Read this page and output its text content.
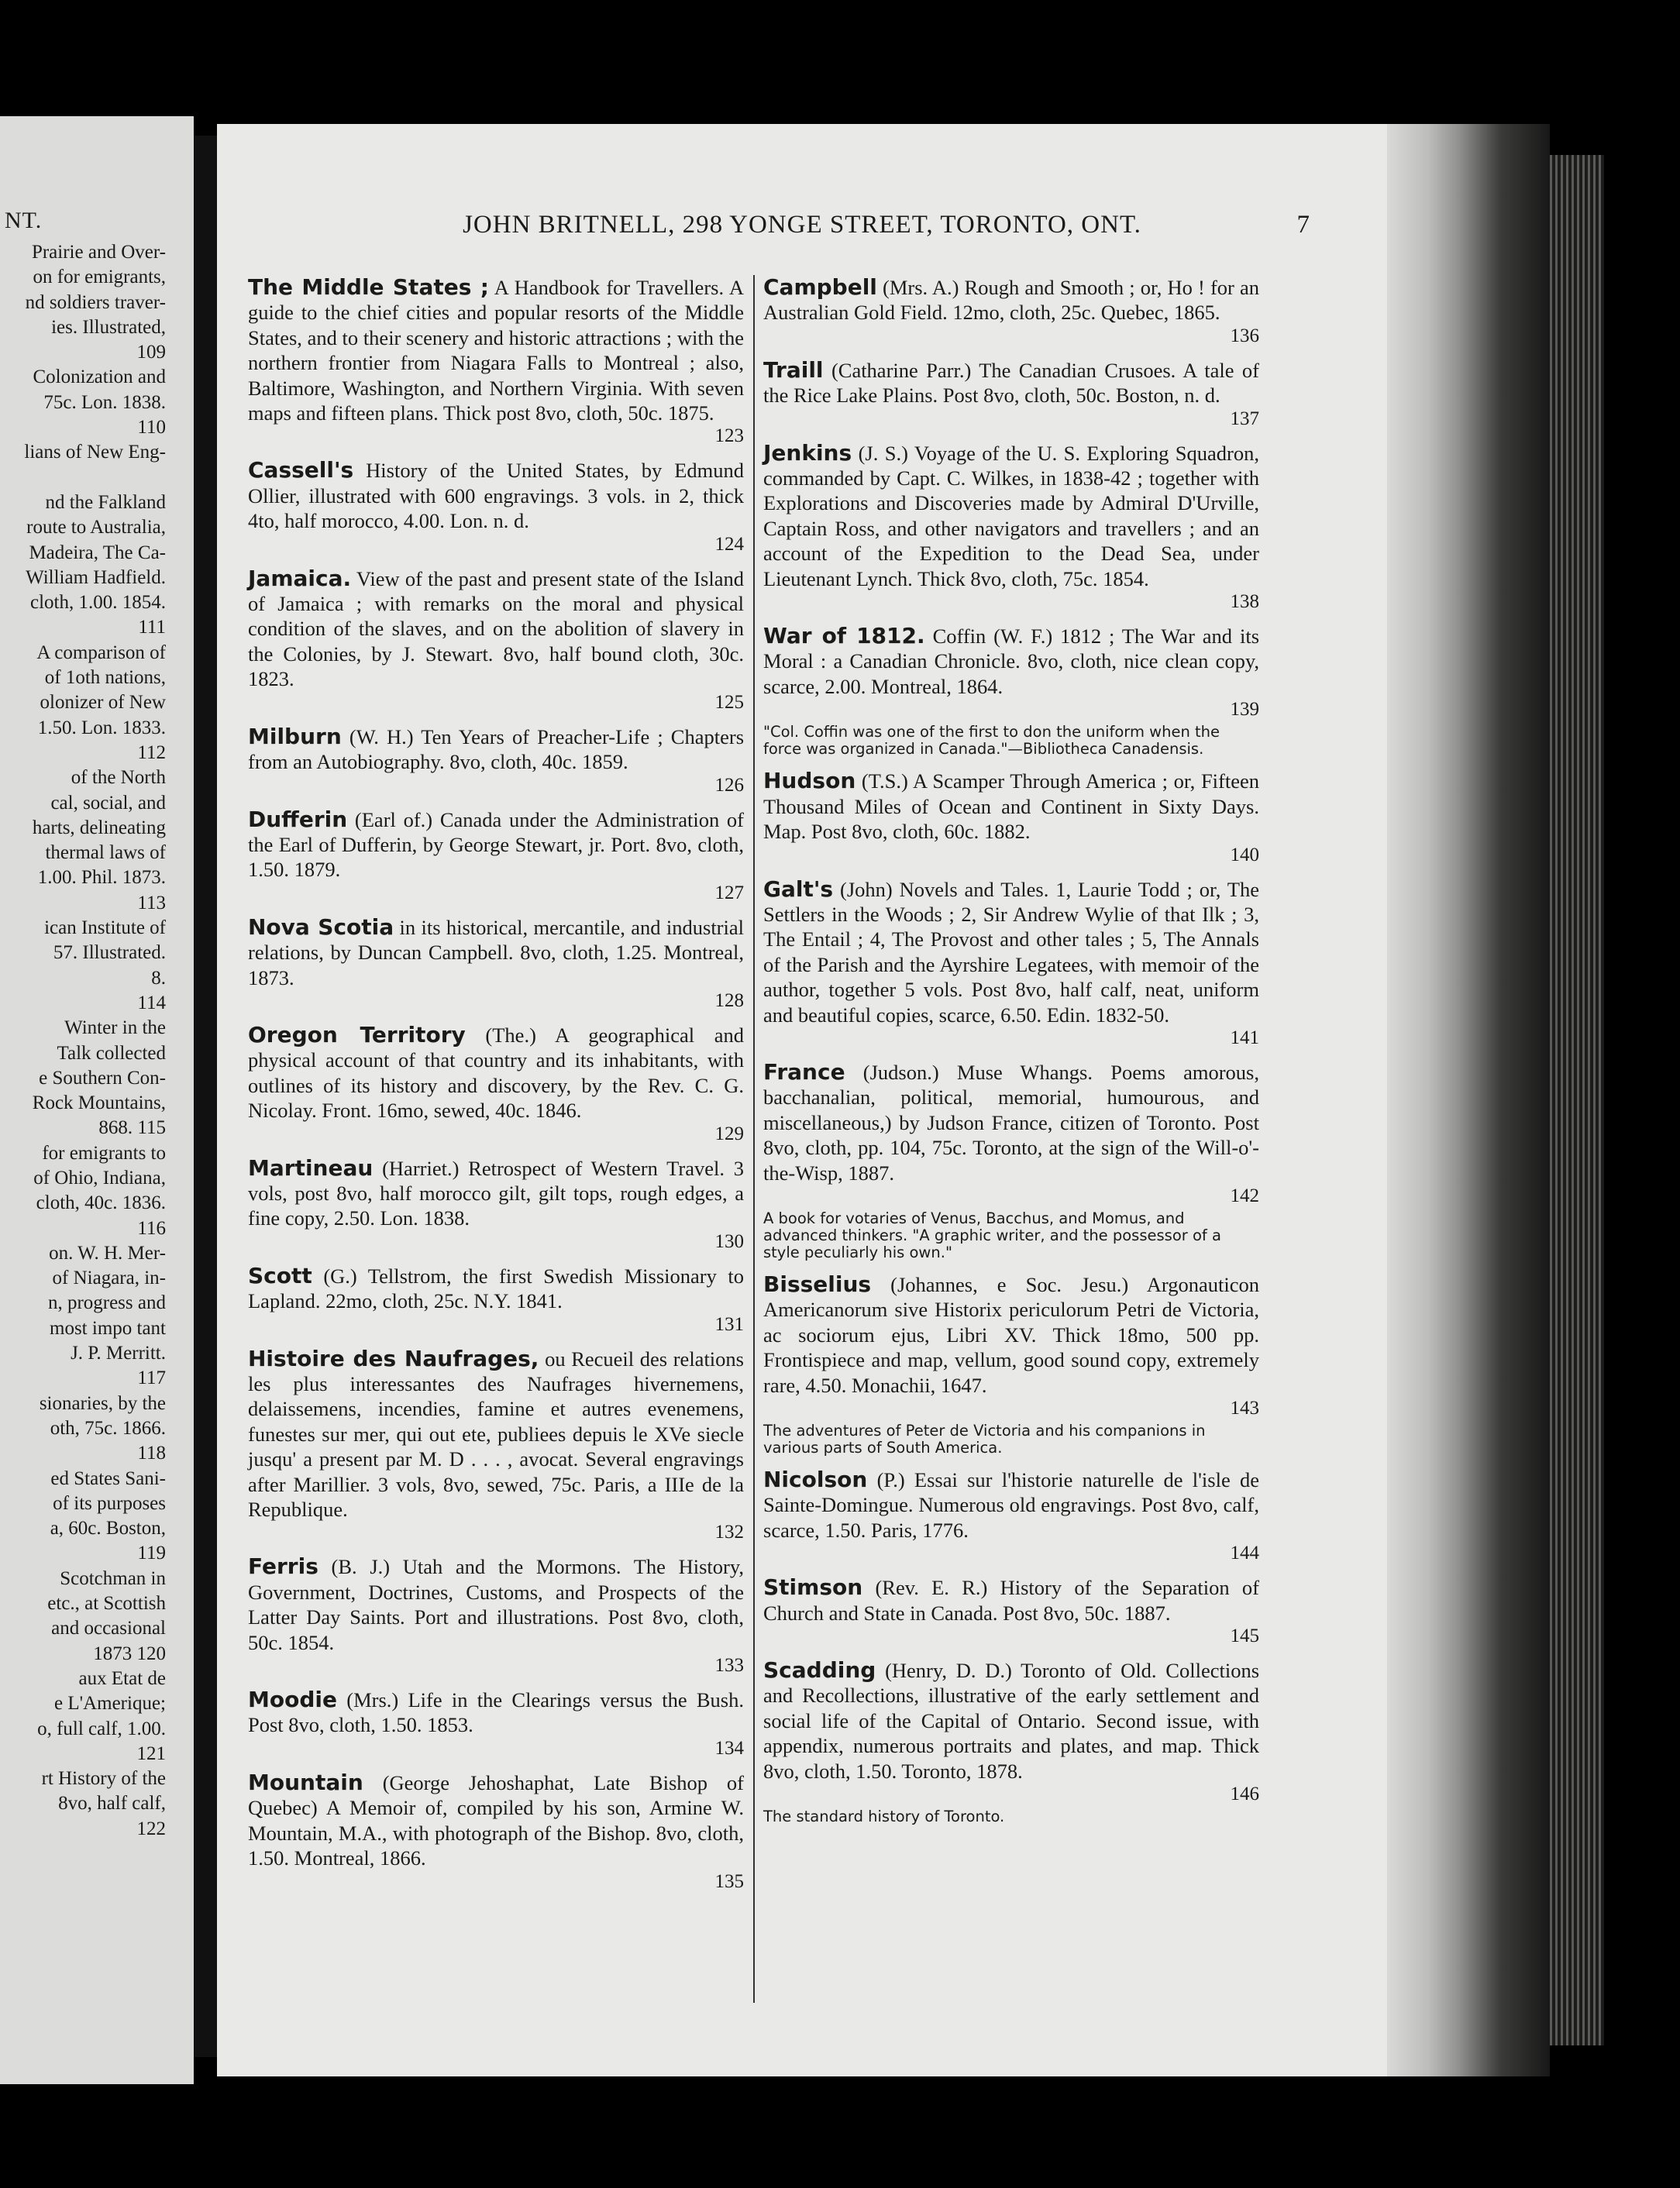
NT.
Prairie and Over-
on for emigrants,
nd soldiers traver-
ies. Illustrated,
109
Colonization and
75c. Lon. 1838.
110
lians of New Eng-
nd the Falkland
route to Australia,
Madeira, The Ca-
William Hadfield.
cloth, 1.00. 1854.
111
A comparison of
of 1oth nations,
olonizer of New
1.50. Lon. 1833.
112
of the North
cal, social, and
harts, delineating
thermal laws of
1.00. Phil. 1873.
113
ican Institute of
57. Illustrated.
8.
114
Winter in the
Talk collected
e Southern Con-
Rock Mountains,
868. 115
for emigrants to
of Ohio, Indiana,
cloth, 40c. 1836.
116
on. W. H. Mer-
of Niagara, in-
n, progress and
most impo tant
J. P. Merritt.
117
sionaries, by the
oth, 75c. 1866.
118
ed States Sani-
of its purposes
a, 60c. Boston,
119
Scotchman in
etc., at Scottish
and occasional
1873 120
aux Etat de
e L'Amerique;
o, full calf, 1.00.
121
rt History of the
8vo, half calf,
122
JOHN BRITNELL, 298 YONGE STREET, TORONTO, ONT.	7
The Middle States ; A Handbook for Travellers. A guide to the chief cities and popular resorts of the Middle States, and to their scenery and historic attractions ; with the northern frontier from Niagara Falls to Montreal ; also, Baltimore, Washington, and Northern Virginia. With seven maps and fifteen plans. Thick post 8vo, cloth, 50c. 1875.
123
Cassell's History of the United States, by Edmund Ollier, illustrated with 600 engravings. 3 vols. in 2, thick 4to, half morocco, 4.00. Lon. n. d.
124
Jamaica. View of the past and present state of the Island of Jamaica ; with remarks on the moral and physical condition of the slaves, and on the abolition of slavery in the Colonies, by J. Stewart. 8vo, half bound cloth, 30c. 1823.
125
Milburn (W. H.) Ten Years of Preacher-Life ; Chapters from an Autobiography. 8vo, cloth, 40c. 1859.
126
Dufferin (Earl of.) Canada under the Administration of the Earl of Dufferin, by George Stewart, jr. Port. 8vo, cloth, 1.50. 1879.
127
Nova Scotia in its historical, mercantile, and industrial relations, by Duncan Campbell. 8vo, cloth, 1.25. Montreal, 1873.
128
Oregon Territory (The.) A geographical and physical account of that country and its inhabitants, with outlines of its history and discovery, by the Rev. C. G. Nicolay. Front. 16mo, sewed, 40c. 1846.
129
Martineau (Harriet.) Retrospect of Western Travel. 3 vols, post 8vo, half morocco gilt, gilt tops, rough edges, a fine copy, 2.50. Lon. 1838.
130
Scott (G.) Tellstrom, the first Swedish Missionary to Lapland. 22mo, cloth, 25c. N.Y. 1841.
131
Histoire des Naufrages, ou Recueil des relations les plus interessantes des Naufrages hivernemens, delaissemens, incendies, famine et autres evenemens, funestes sur mer, qui out ete, publiees depuis le XVe siecle jusqu' a present par M. D . . . , avocat. Several engravings after Marillier. 3 vols, 8vo, sewed, 75c. Paris, a IIIe de la Republique.
132
Ferris (B. J.) Utah and the Mormons. The History, Government, Doctrines, Customs, and Prospects of the Latter Day Saints. Port and illustrations. Post 8vo, cloth, 50c. 1854.
133
Moodie (Mrs.) Life in the Clearings versus the Bush. Post 8vo, cloth, 1.50. 1853.
134
Mountain (George Jehoshaphat, Late Bishop of Quebec) A Memoir of, compiled by his son, Armine W. Mountain, M.A., with photograph of the Bishop. 8vo, cloth, 1.50. Montreal, 1866.
135
Campbell (Mrs. A.) Rough and Smooth ; or, Ho ! for an Australian Gold Field. 12mo, cloth, 25c. Quebec, 1865.
136
Traill (Catharine Parr.) The Canadian Crusoes. A tale of the Rice Lake Plains. Post 8vo, cloth, 50c. Boston, n. d.
137
Jenkins (J. S.) Voyage of the U. S. Exploring Squadron, commanded by Capt. C. Wilkes, in 1838-42 ; together with Explorations and Discoveries made by Admiral D'Urville, Captain Ross, and other navigators and travellers ; and an account of the Expedition to the Dead Sea, under Lieutenant Lynch. Thick 8vo, cloth, 75c. 1854.
138
War of 1812. Coffin (W. F.) 1812 ; The War and its Moral : a Canadian Chronicle. 8vo, cloth, nice clean copy, scarce, 2.00. Montreal, 1864.
139
"Col. Coffin was one of the first to don the uniform when the force was organized in Canada."—Bibliotheca Canadensis.
Hudson (T.S.) A Scamper Through America ; or, Fifteen Thousand Miles of Ocean and Continent in Sixty Days. Map. Post 8vo, cloth, 60c. 1882.
140
Galt's (John) Novels and Tales. 1, Laurie Todd ; or, The Settlers in the Woods ; 2, Sir Andrew Wylie of that Ilk ; 3, The Entail ; 4, The Provost and other tales ; 5, The Annals of the Parish and the Ayrshire Legatees, with memoir of the author, together 5 vols. Post 8vo, half calf, neat, uniform and beautiful copies, scarce, 6.50. Edin. 1832-50.
141
France (Judson.) Muse Whangs. Poems amorous, bacchanalian, political, memorial, humourous, and miscellaneous,) by Judson France, citizen of Toronto. Post 8vo, cloth, pp. 104, 75c. Toronto, at the sign of the Will-o'-the-Wisp, 1887.
142
A book for votaries of Venus, Bacchus, and Momus, and advanced thinkers. "A graphic writer, and the possessor of a style peculiarly his own."
Bisselius (Johannes, e Soc. Jesu.) Argonauticon Americanorum sive Historix periculorum Petri de Victoria, ac sociorum ejus, Libri XV. Thick 18mo, 500 pp. Frontispiece and map, vellum, good sound copy, extremely rare, 4.50. Monachii, 1647.
143
The adventures of Peter de Victoria and his companions in various parts of South America.
Nicolson (P.) Essai sur l'historie naturelle de l'isle de Sainte-Domingue. Numerous old engravings. Post 8vo, calf, scarce, 1.50. Paris, 1776.
144
Stimson (Rev. E. R.) History of the Separation of Church and State in Canada. Post 8vo, 50c. 1887.
145
Scadding (Henry, D. D.) Toronto of Old. Collections and Recollections, illustrative of the early settlement and social life of the Capital of Ontario. Second issue, with appendix, numerous portraits and plates, and map. Thick 8vo, cloth, 1.50. Toronto, 1878.
146
The standard history of Toronto.
